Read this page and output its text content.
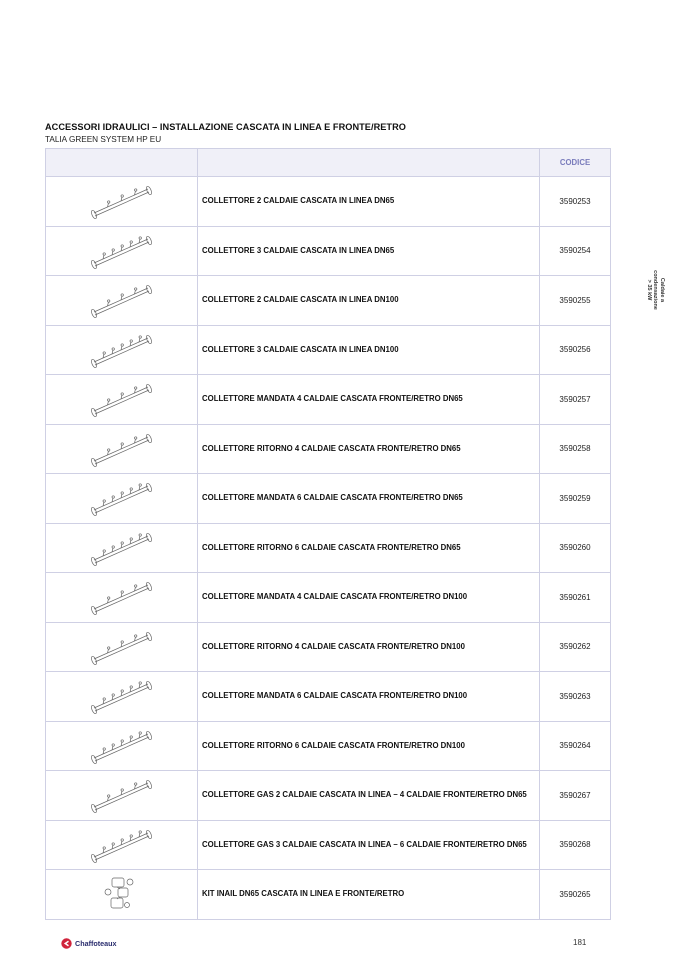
ACCESSORI IDRAULICI – INSTALLAZIONE CASCATA IN LINEA E FRONTE/RETRO
TALIA GREEN SYSTEM HP EU
		CODICE

	COLLETTORE 2 CALDAIE CASCATA IN LINEA DN65	3590253

	COLLETTORE 3 CALDAIE CASCATA IN LINEA DN65	3590254

	COLLETTORE 2 CALDAIE CASCATA IN LINEA DN100	3590255

	COLLETTORE 3 CALDAIE CASCATA IN LINEA DN100	3590256

	COLLETTORE MANDATA 4 CALDAIE CASCATA FRONTE/RETRO DN65	3590257

	COLLETTORE RITORNO 4 CALDAIE CASCATA FRONTE/RETRO DN65	3590258

	COLLETTORE MANDATA 6 CALDAIE CASCATA FRONTE/RETRO DN65	3590259

	COLLETTORE RITORNO 6 CALDAIE CASCATA FRONTE/RETRO DN65	3590260

	COLLETTORE MANDATA 4 CALDAIE CASCATA FRONTE/RETRO DN100	3590261

	COLLETTORE RITORNO 4 CALDAIE CASCATA FRONTE/RETRO DN100	3590262

	COLLETTORE MANDATA 6 CALDAIE CASCATA FRONTE/RETRO DN100	3590263

	COLLETTORE RITORNO 6 CALDAIE CASCATA FRONTE/RETRO DN100	3590264

	COLLETTORE GAS 2 CALDAIE CASCATA IN LINEA – 4 CALDAIE FRONTE/RETRO DN65	3590267

	COLLETTORE GAS 3 CALDAIE CASCATA IN LINEA – 6 CALDAIE FRONTE/RETRO DN65	3590268

	KIT INAIL DN65 CASCATA IN LINEA E FRONTE/RETRO	3590265
Caldaie a
condensazione
> 35 kW
Chaffoteaux	181
